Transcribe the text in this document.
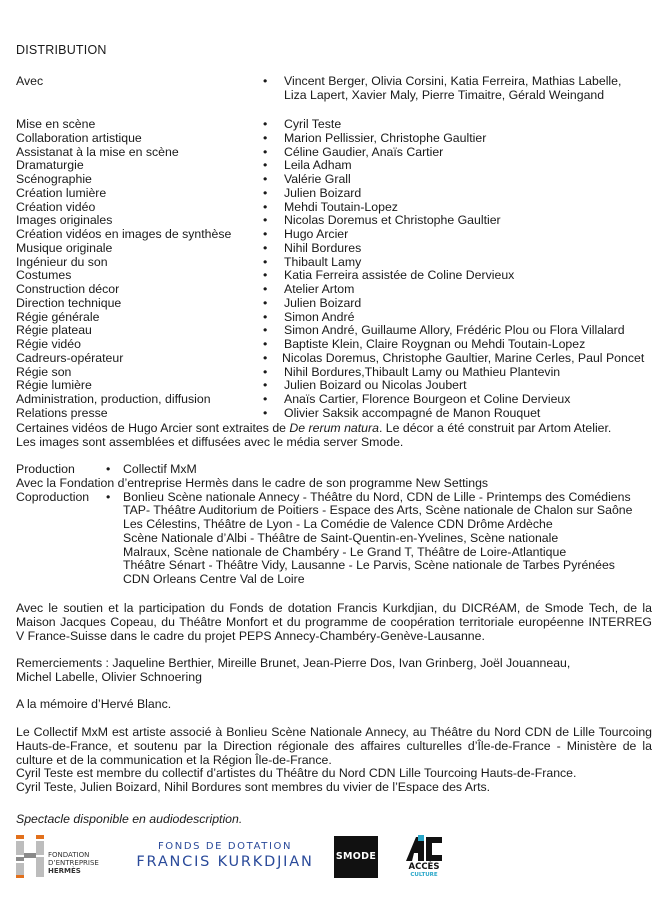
DISTRIBUTION
Avec	• Vincent Berger, Olivia Corsini, Katia Ferreira, Mathias Labelle,
Liza Lapert, Xavier Maly, Pierre Timaitre, Gérald Weingand
Mise en scène	• Cyril Teste
Collaboration artistique	• Marion Pellissier, Christophe Gaultier
Assistanat à la mise en scène	• Céline Gaudier, Anaïs Cartier
Dramaturgie	• Leila Adham
Scénographie	• Valérie Grall
Création lumière	• Julien Boizard
Création vidéo	• Mehdi Toutain-Lopez
Images originales	• Nicolas Doremus et Christophe Gaultier
Création vidéos en images de synthèse	• Hugo Arcier
Musique originale	• Nihil Bordures
Ingénieur du son	• Thibault Lamy
Costumes	• Katia Ferreira assistée de Coline Dervieux
Construction décor	• Atelier Artom
Direction technique	• Julien Boizard
Régie générale	• Simon André
Régie plateau	• Simon André, Guillaume Allory, Frédéric Plou ou Flora Villalard
Régie vidéo	• Baptiste Klein, Claire Roygnan ou Mehdi Toutain-Lopez
Cadreurs-opérateur	• Nicolas Doremus, Christophe Gaultier, Marine Cerles, Paul Poncet
Régie son	• Nihil Bordures,Thibault Lamy ou Mathieu Plantevin
Régie lumière	• Julien Boizard ou Nicolas Joubert
Administration, production, diffusion	• Anaïs Cartier, Florence Bourgeon et Coline Dervieux
Relations presse	• Olivier Saksik accompagné de Manon Rouquet
Certaines vidéos de Hugo Arcier sont extraites de De rerum natura. Le décor a été construit par Artom Atelier.
Les images sont assemblées et diffusées avec le média server Smode.
Production	• Collectif MxM
Avec la Fondation d’entreprise Hermès dans le cadre de son programme New Settings
Coproduction • Bonlieu Scène nationale Annecy - Théâtre du Nord, CDN de Lille - Printemps des Comédiens
TAP- Théâtre Auditorium de Poitiers - Espace des Arts, Scène nationale de Chalon sur Saône
Les Célestins, Théâtre de Lyon - La Comédie de Valence CDN Drôme Ardèche
Scène Nationale d’Albi - Théâtre de Saint-Quentin-en-Yvelines, Scène nationale
Malraux, Scène nationale de Chambéry - Le Grand T, Théâtre de Loire-Atlantique
Théâtre Sénart - Théâtre Vidy, Lausanne - Le Parvis, Scène nationale de Tarbes Pyrénées
CDN Orleans Centre Val de Loire
Avec le soutien et la participation du Fonds de dotation Francis Kurkdjian, du DICRéAM, de Smode Tech, de la
Maison Jacques Copeau, du Théâtre Monfort et du programme de coopération territoriale européenne INTERREG
V France-Suisse dans le cadre du projet PEPS Annecy-Chambéry-Genève-Lausanne.
Remerciements : Jaqueline Berthier, Mireille Brunet, Jean-Pierre Dos, Ivan Grinberg, Joël Jouanneau,
Michel Labelle, Olivier Schnoering
A la mémoire d’Hervé Blanc.
Le Collectif MxM est artiste associé à Bonlieu Scène Nationale Annecy, au Théâtre du Nord CDN de Lille Tourcoing
Hauts-de-France, et soutenu par la Direction régionale des affaires culturelles d’Île-de-France - Ministère de la
culture et de la communication et la Région Île-de-France.
Cyril Teste est membre du collectif d’artistes du Théâtre du Nord CDN Lille Tourcoing Hauts-de-France.
Cyril Teste, Julien Boizard, Nihil Bordures sont membres du vivier de l’Espace des Arts.
Spectacle disponible en audiodescription.
FONDATION
D’ENTREPRISE
HERMÈS
FONDS DE DOTATION
FRANCIS KURKDJIAN	SMODE
ACCÈS
CULTURE
